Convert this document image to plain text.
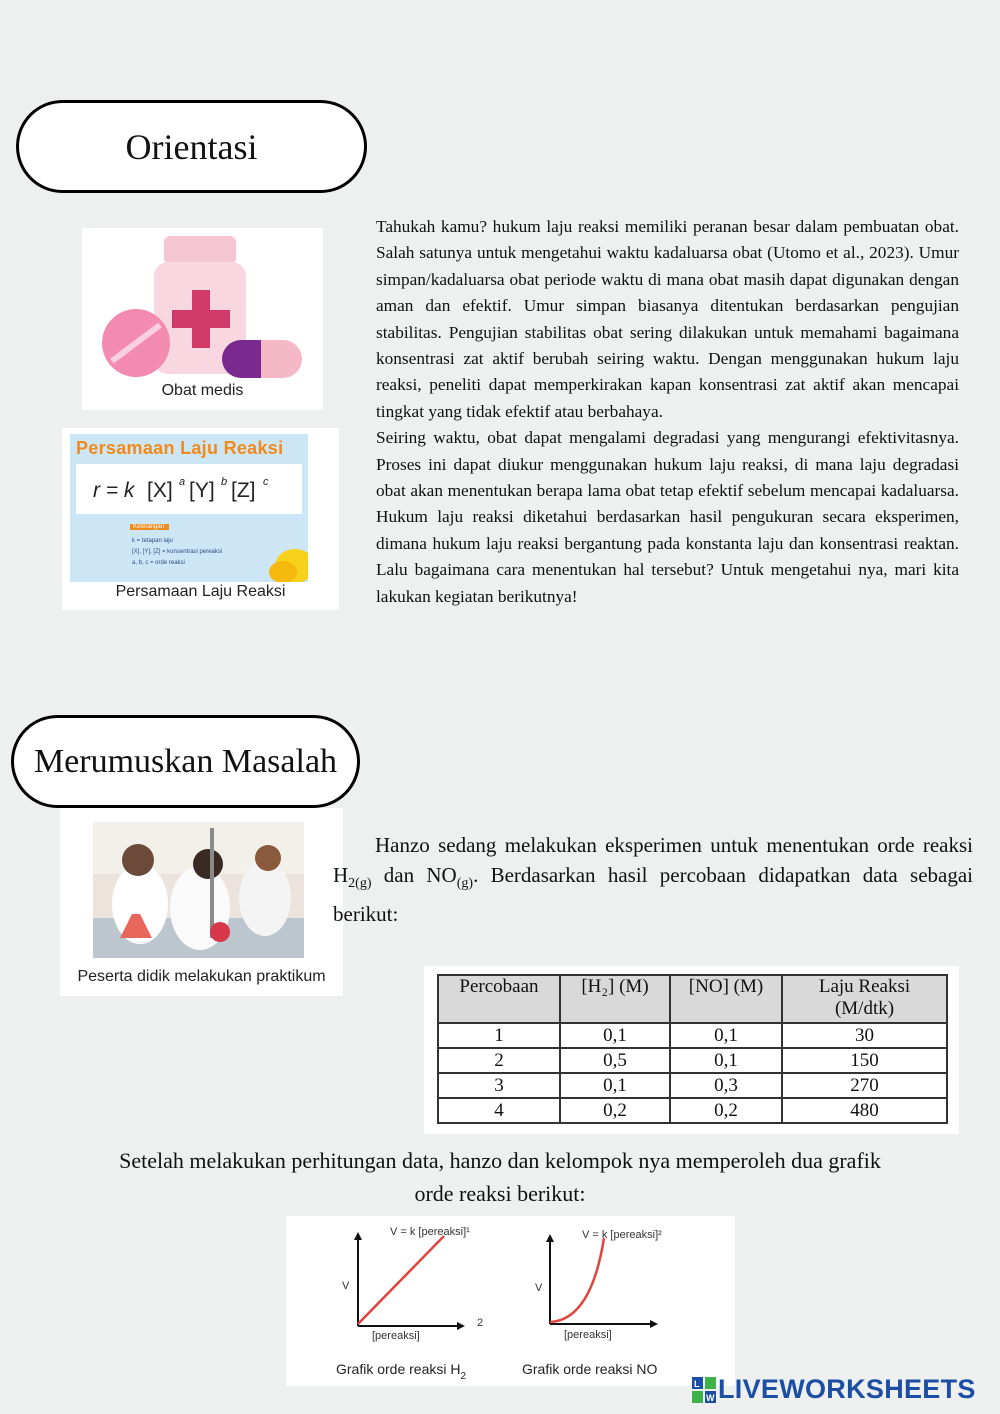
Orientasi
Obat medis
Persamaan Laju Reaksi
r = k [X] a [Y] b [Z] c
Keterangan:
k = tetapan laju
[X], [Y], [Z] = konsentrasi pereaksi
a, b, c = orde reaksi
Persamaan Laju Reaksi

Tahukah kamu? hukum laju reaksi memiliki peranan besar dalam pembuatan obat. Salah satunya untuk mengetahui waktu kadaluarsa obat (Utomo et al., 2023). Umur simpan/kadaluarsa obat periode waktu di mana obat masih dapat digunakan dengan aman dan efektif. Umur simpan biasanya ditentukan berdasarkan pengujian stabilitas. Pengujian stabilitas obat sering dilakukan untuk memahami bagaimana konsentrasi zat aktif berubah seiring waktu. Dengan menggunakan hukum laju reaksi, peneliti dapat memperkirakan kapan konsentrasi zat aktif akan mencapai tingkat yang tidak efektif atau berbahaya.

Seiring waktu, obat dapat mengalami degradasi yang mengurangi efektivitasnya. Proses ini dapat diukur menggunakan hukum laju reaksi, di mana laju degradasi obat akan menentukan berapa lama obat tetap efektif sebelum mencapai kadaluarsa. Hukum laju reaksi diketahui berdasarkan hasil pengukuran secara eksperimen, dimana hukum laju reaksi bergantung pada konstanta laju dan konsentrasi reaktan. Lalu bagaimana cara menentukan hal tersebut? Untuk mengetahui nya, mari kita lakukan kegiatan berikutnya!

Merumuskan Masalah
Peserta didik melakukan praktikum
Hanzo sedang melakukan eksperimen untuk menentukan orde reaksi $H_{2(g)}$ dan $NO_{(g)}$. Berdasarkan hasil percobaan didapatkan data sebagai berikut:
Percobaan	[H₂] (M)	[NO] (M)	Laju Reaksi
(M/dtk)

1	0,1	0,1	30
2	0,5	0,1	150
3	0,1	0,3	270
4	0,2	0,2	480
Setelah melakukan perhitungan data, hanzo dan kelompok nya memperoleh dua grafik
orde reaksi berikut:
V = k [pereaksi]¹
V
[pereaksi]
Grafik orde reaksi $H_2$
2
V = k [pereaksi]²
V
[pereaksi]
Grafik orde reaksi NO
L
W LIVEWORKSHEETS
